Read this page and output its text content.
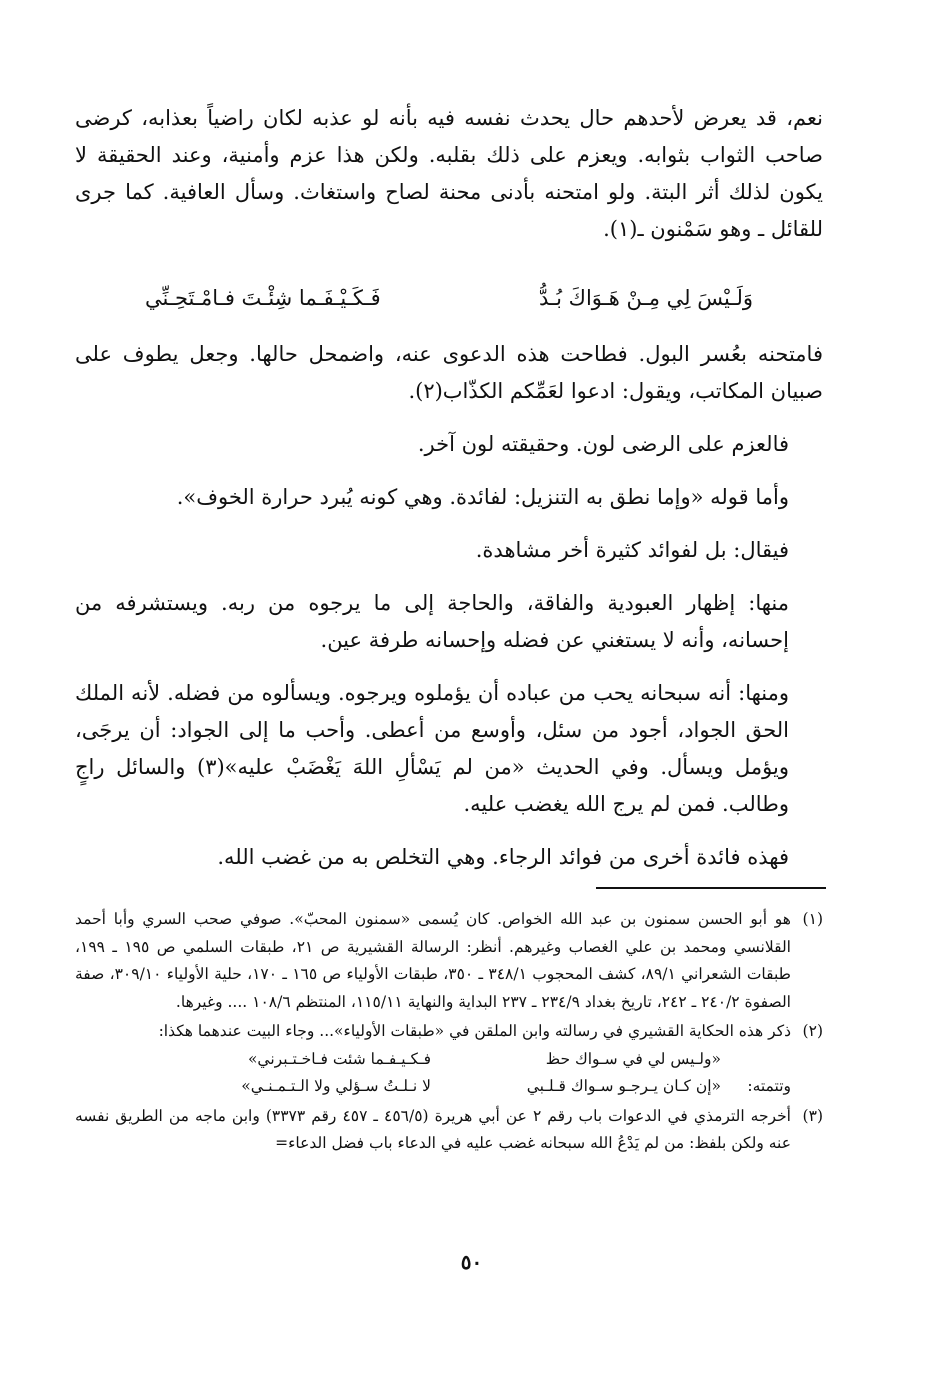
نعم، قد يعرض لأحدهم حال يحدث نفسه فيه بأنه لو عذبه لكان راضياً بعذابه، كرضى صاحب الثواب بثوابه. ويعزم على ذلك بقلبه. ولكن هذا عزم وأمنية، وعند الحقيقة لا يكون لذلك أثر البتة. ولو امتحنه بأدنى محنة لصاح واستغاث. وسأل العافية. كما جرى للقائل ـ وهو سَمْنون ـ(١).

وَلَـيْسَ لِي مِـنْ هَـوَاكَ بُـدُّ
فَـكَـيْـفَـما شِئْـتَ فـامْـتَحِـنِّي

فامتحنه بعُسر البول. فطاحت هذه الدعوى عنه، واضمحل حالها. وجعل يطوف على صبيان المكاتب، ويقول: ادعوا لعَمِّكم الكذّاب(٢).

فالعزم على الرضى لون. وحقيقته لون آخر.

وأما قوله «وإما نطق به التنزيل: لفائدة. وهي كونه يُبرد حرارة الخوف».

فيقال: بل لفوائد كثيرة أخر مشاهدة.

منها: إظهار العبودية والفاقة، والحاجة إلى ما يرجوه من ربه. ويستشرفه من إحسانه، وأنه لا يستغني عن فضله وإحسانه طرفة عين.

ومنها: أنه سبحانه يحب من عباده أن يؤملوه ويرجوه. ويسألوه من فضله. لأنه الملك الحق الجواد، أجود من سئل، وأوسع من أعطى. وأحب ما إلى الجواد: أن يرجَى، ويؤمل ويسأل. وفي الحديث «من لم يَسْألِ اللهَ يَغْضَبْ عليه»(٣) والسائل راجٍ وطالب. فمن لم يرج الله يغضب عليه.

فهذه فائدة أخرى من فوائد الرجاء. وهي التخلص به من غضب الله.

(١)
هو أبو الحسن سمنون بن عبد الله الخواص. كان يُسمى «سمنون المحبّ». صوفي صحب السري وأبا أحمد القلانسي ومحمد بن علي الغصاب وغيرهم. أنظر: الرسالة القشيرية ص ٢١، طبقات السلمي ص ١٩٥ ـ ١٩٩، طبقات الشعراني ٨٩/١، كشف المحجوب ٣٤٨/١ ـ ٣٥٠، طبقات الأولياء ص ١٦٥ ـ ١٧٠، حلية الأولياء ٣٠٩/١٠، صفة الصفوة ٢٤٠/٢ ـ ٢٤٢، تاريخ بغداد ٢٣٤/٩ ـ ٢٣٧ البداية والنهاية ١١٥/١١، المنتظم ١٠٨/٦ .... وغيرها.
(٢)

ذكر هذه الحكاية القشيري في رسالته وابن الملقن في «طبقات الأولياء»... وجاء البيت عندهما هكذا:

«ولـيس لي في سـواك حظ
فـكـيـفـما شئت فـاخـتـبرني»
وتتمته:
«إن كـان يـرجـو سـواك قـلـبي
لا نـلـتُ سـؤلي ولا الـتـمـنـي»
(٣)
أخرجه الترمذي في الدعوات باب رقم ٢ عن أبي هريرة (٤٥٦/٥ ـ ٤٥٧ رقم ٣٣٧٣) وابن ماجه من الطريق نفسه عنه ولكن بلفظ: من لم يَدْعُ الله سبحانه غضب عليه في الدعاء باب فضل الدعاء=
٥٠
